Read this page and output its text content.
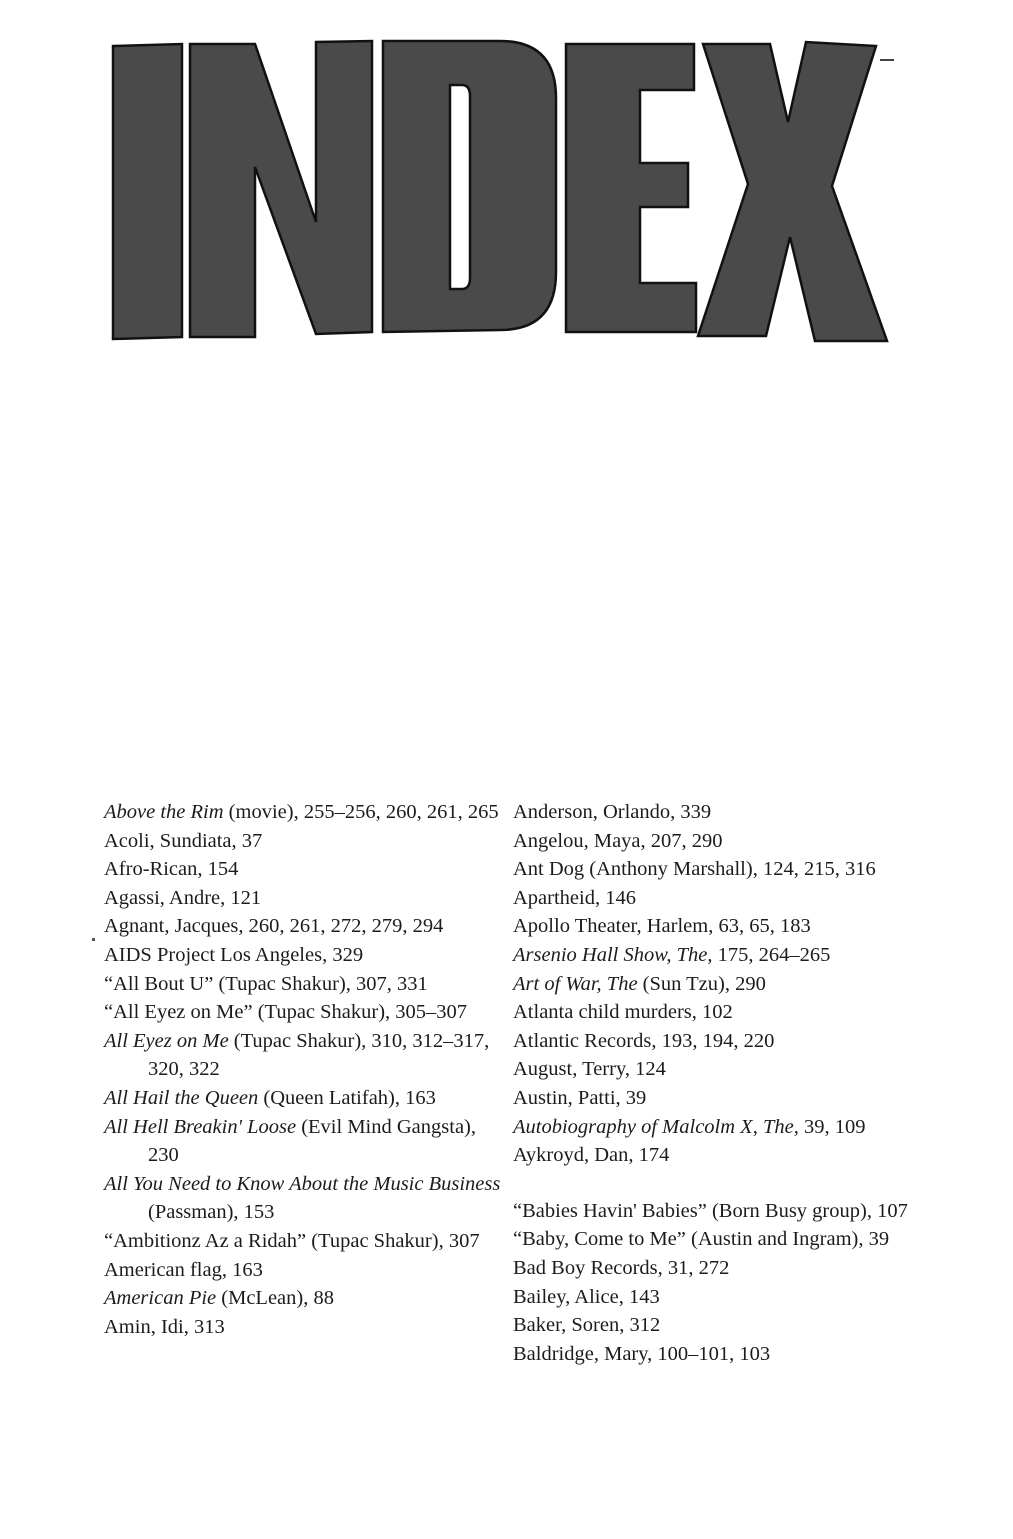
Above the Rim (movie), 255–256, 260, 261, 265
Acoli, Sundiata, 37
Afro-Rican, 154
Agassi, Andre, 121
Agnant, Jacques, 260, 261, 272, 279, 294
AIDS Project Los Angeles, 329
“All Bout U” (Tupac Shakur), 307, 331
“All Eyez on Me” (Tupac Shakur), 305–307
All Eyez on Me (Tupac Shakur), 310, 312–317, 320, 322
All Hail the Queen (Queen Latifah), 163
All Hell Breakin' Loose (Evil Mind Gangsta), 230
All You Need to Know About the Music Business (Passman), 153
“Ambitionz Az a Ridah” (Tupac Shakur), 307
American flag, 163
American Pie (McLean), 88
Amin, Idi, 313
Anderson, Orlando, 339
Angelou, Maya, 207, 290
Ant Dog (Anthony Marshall), 124, 215, 316
Apartheid, 146
Apollo Theater, Harlem, 63, 65, 183
Arsenio Hall Show, The, 175, 264–265
Art of War, The (Sun Tzu), 290
Atlanta child murders, 102
Atlantic Records, 193, 194, 220
August, Terry, 124
Austin, Patti, 39
Autobiography of Malcolm X, The, 39, 109
Aykroyd, Dan, 174
“Babies Havin' Babies” (Born Busy group), 107
“Baby, Come to Me” (Austin and Ingram), 39
Bad Boy Records, 31, 272
Bailey, Alice, 143
Baker, Soren, 312
Baldridge, Mary, 100–101, 103
